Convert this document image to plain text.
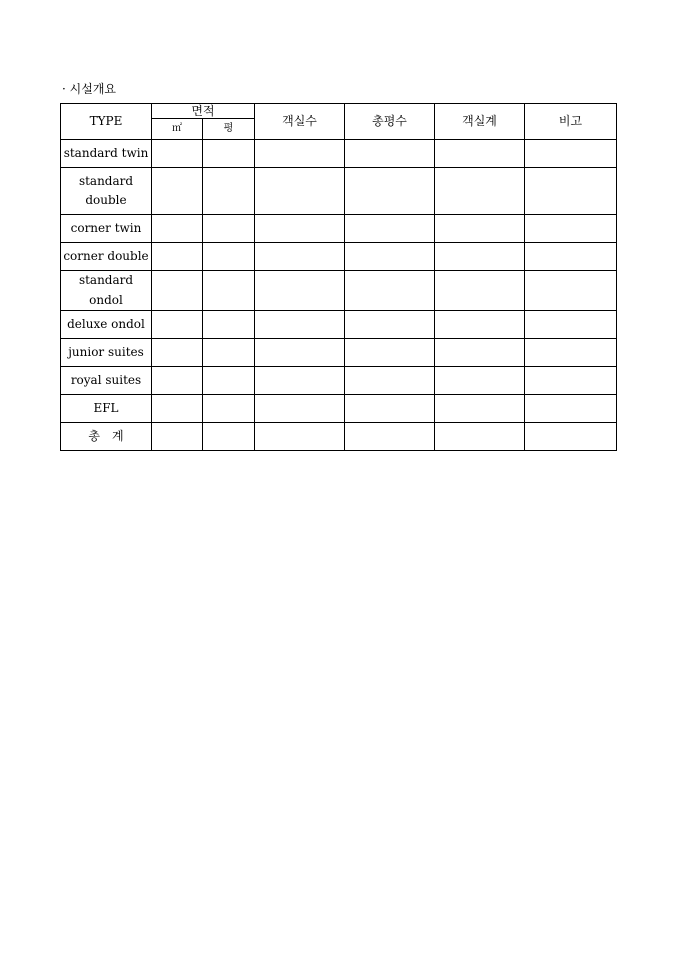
· 시설개요
TYPE	면적		객실수	총평수	객실계	비고
	㎡	평				
standard twin						
standard double						
corner twin						
corner double						
standard ondol						
deluxe ondol						
junior suites						
royal suites						
EFL						
총　계						
